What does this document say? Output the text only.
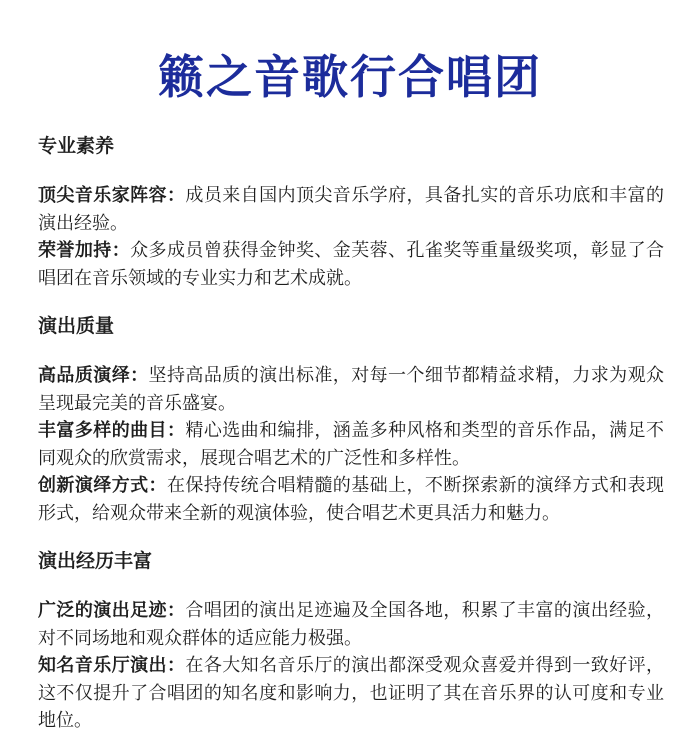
籁之音歌行合唱团
专业素养

顶尖音乐家阵容：成员来自国内顶尖音乐学府，具备扎实的音乐功底和丰富的演出经验。

荣誉加持：众多成员曾获得金钟奖、金芙蓉、孔雀奖等重量级奖项，彰显了合唱团在音乐领域的专业实力和艺术成就。

演出质量

高品质演绎：坚持高品质的演出标准，对每一个细节都精益求精，力求为观众呈现最完美的音乐盛宴。

丰富多样的曲目：精心选曲和编排，涵盖多种风格和类型的音乐作品，满足不同观众的欣赏需求，展现合唱艺术的广泛性和多样性。

创新演绎方式：在保持传统合唱精髓的基础上，不断探索新的演绎方式和表现形式，给观众带来全新的观演体验，使合唱艺术更具活力和魅力。

演出经历丰富

广泛的演出足迹：合唱团的演出足迹遍及全国各地，积累了丰富的演出经验，对不同场地和观众群体的适应能力极强。

知名音乐厅演出：在各大知名音乐厅的演出都深受观众喜爱并得到一致好评，这不仅提升了合唱团的知名度和影响力，也证明了其在音乐界的认可度和专业地位。
